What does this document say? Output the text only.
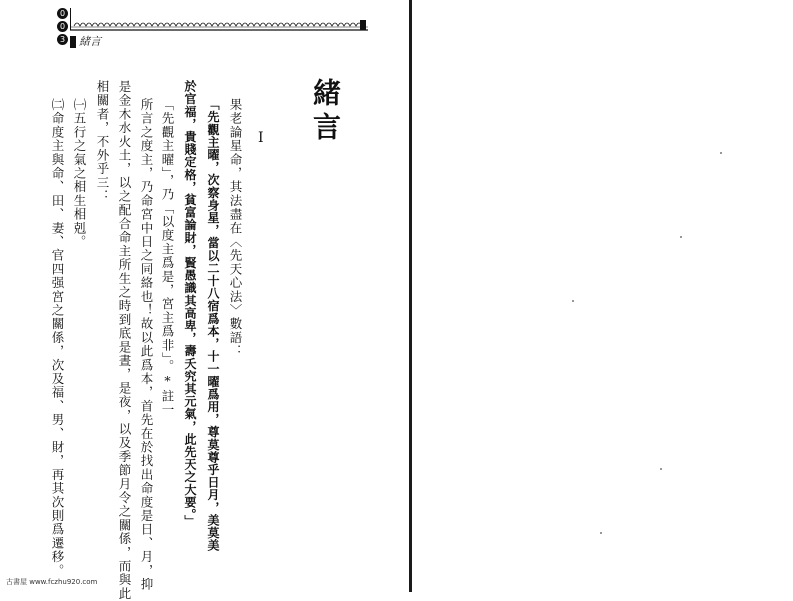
0
0
3 緒言
緒言
I
果老論星命，其法盡在〈先天心法〉數語：
「先觀主曜，次察身星，當以二十八宿爲本，十一曜爲用，尊莫尊乎日月，美莫美
於官福，貴賤定格，貧富論財，賢愚識其高卑，壽夭究其元氣，此先天之大要。」
「先觀主曜」，乃「以度主爲是，宮主爲非」。*註一
所言之度主，乃命宮中日之同絡也！故以此爲本，首先在於找出命度是日、月，抑
是金木水火土，以之配合命主所生之時到底是晝，是夜，以及季節月令之關係，而與此
相關者，不外乎三：
㈠五行之氣之相生相剋。
㈡命度主與命、田、妻、官四强宮之關係，次及福、男、財，再其次則爲遷移。
古書屋 www.fczhu920.com
